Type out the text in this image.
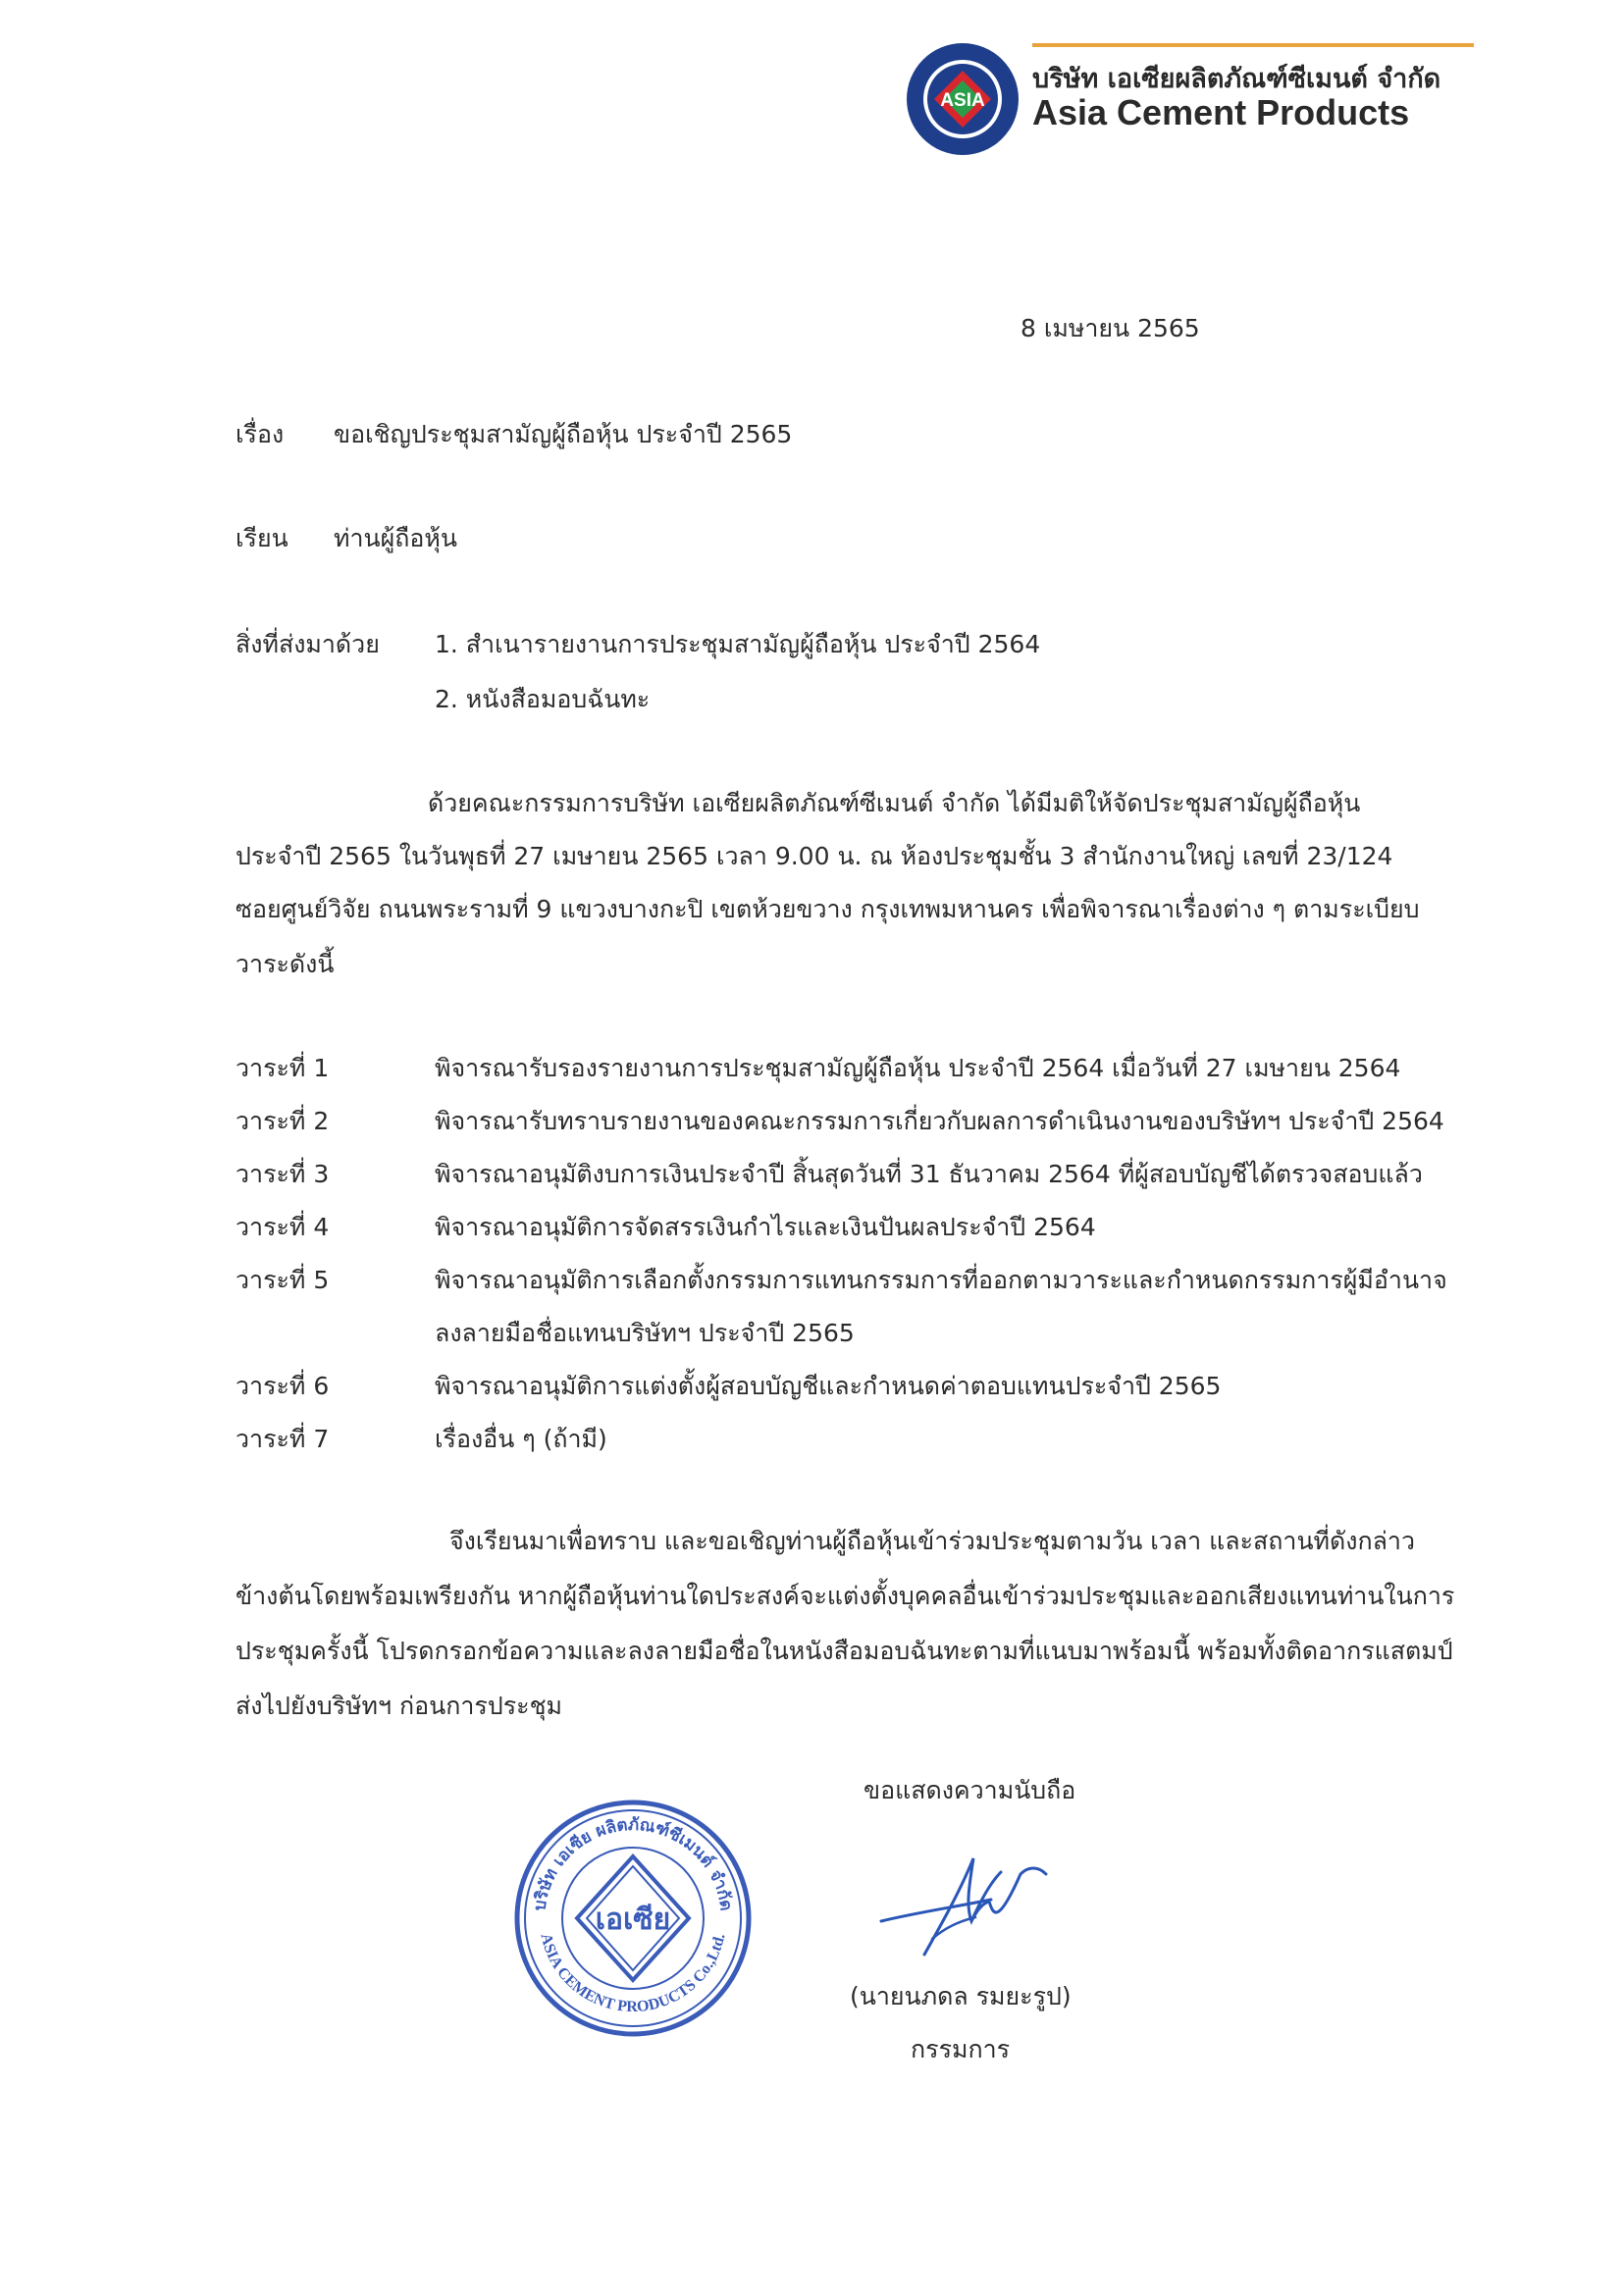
ASIA
บริษัท เอเซียผลิตภัณฑ์ซีเมนต์ จำกัด
Asia Cement Products
8 เมษายน 2565
เรื่อง ขอเชิญประชุมสามัญผู้ถือหุ้น ประจำปี 2565
เรียน ท่านผู้ถือหุ้น
สิ่งที่ส่งมาด้วย 1. สำเนารายงานการประชุมสามัญผู้ถือหุ้น ประจำปี 2564
2. หนังสือมอบฉันทะ
ด้วยคณะกรรมการบริษัท เอเซียผลิตภัณฑ์ซีเมนต์ จำกัด ได้มีมติให้จัดประชุมสามัญผู้ถือหุ้น
ประจำปี 2565 ในวันพุธที่ 27 เมษายน 2565 เวลา 9.00 น. ณ ห้องประชุมชั้น 3 สำนักงานใหญ่ เลขที่ 23/124
ซอยศูนย์วิจัย ถนนพระรามที่ 9 แขวงบางกะปิ เขตห้วยขวาง กรุงเทพมหานคร เพื่อพิจารณาเรื่องต่าง ๆ ตามระเบียบ
วาระดังนี้
วาระที่ 1	พิจารณารับรองรายงานการประชุมสามัญผู้ถือหุ้น ประจำปี 2564 เมื่อวันที่ 27 เมษายน 2564
วาระที่ 2	พิจารณารับทราบรายงานของคณะกรรมการเกี่ยวกับผลการดำเนินงานของบริษัทฯ ประจำปี 2564
วาระที่ 3	พิจารณาอนุมัติงบการเงินประจำปี สิ้นสุดวันที่ 31 ธันวาคม 2564 ที่ผู้สอบบัญชีได้ตรวจสอบแล้ว
วาระที่ 4	พิจารณาอนุมัติการจัดสรรเงินกำไรและเงินปันผลประจำปี 2564
วาระที่ 5	พิจารณาอนุมัติการเลือกตั้งกรรมการแทนกรรมการที่ออกตามวาระและกำหนดกรรมการผู้มีอำนาจ
ลงลายมือชื่อแทนบริษัทฯ ประจำปี 2565
วาระที่ 6	พิจารณาอนุมัติการแต่งตั้งผู้สอบบัญชีและกำหนดค่าตอบแทนประจำปี 2565
วาระที่ 7	เรื่องอื่น ๆ (ถ้ามี)
จึงเรียนมาเพื่อทราบ และขอเชิญท่านผู้ถือหุ้นเข้าร่วมประชุมตามวัน เวลา และสถานที่ดังกล่าว
ข้างต้นโดยพร้อมเพรียงกัน หากผู้ถือหุ้นท่านใดประสงค์จะแต่งตั้งบุคคลอื่นเข้าร่วมประชุมและออกเสียงแทนท่านในการ
ประชุมครั้งนี้ โปรดกรอกข้อความและลงลายมือชื่อในหนังสือมอบฉันทะตามที่แนบมาพร้อมนี้ พร้อมทั้งติดอากรแสตมป์
ส่งไปยังบริษัทฯ ก่อนการประชุม
ขอแสดงความนับถือ
บริษัท เอเซีย ผลิตภัณฑ์ซีเมนต์ จำกัด
ASIA CEMENT PRODUCTS Co.,Ltd.
เอเซีย
(นายนภดล รมยะรูป)
กรรมการ
